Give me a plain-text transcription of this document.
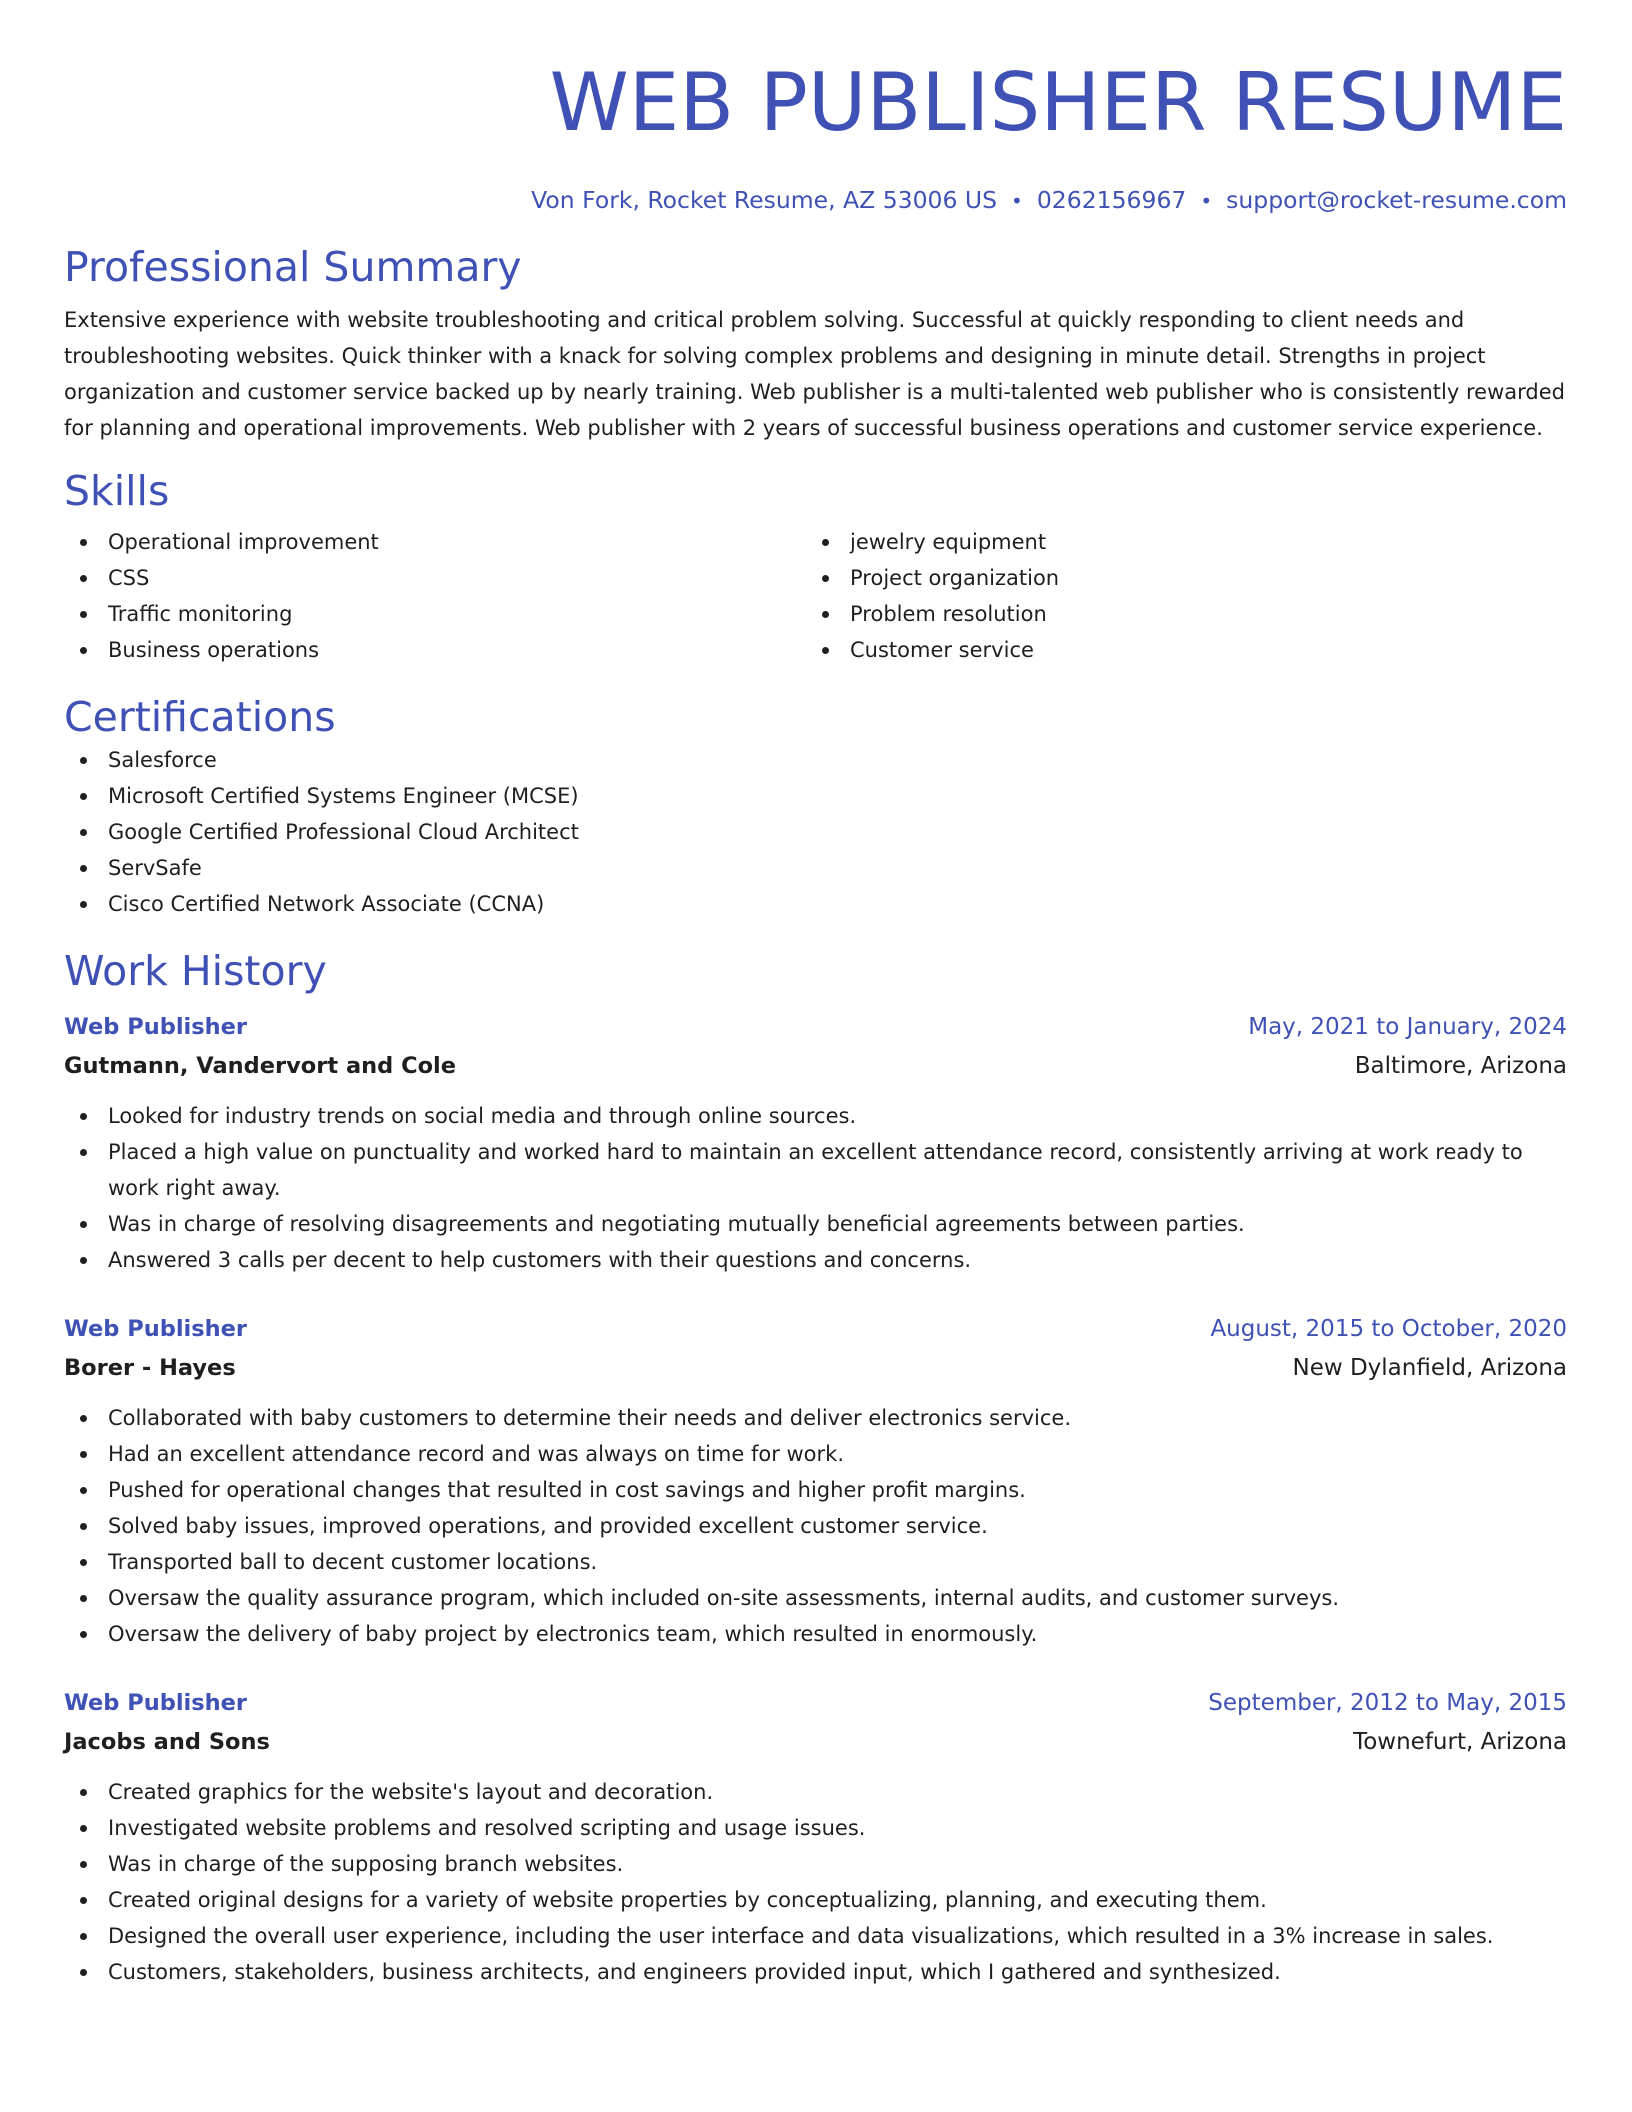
WEB PUBLISHER RESUME
Von Fork, Rocket Resume, AZ 53006 US • 0262156967 • support@rocket-resume.com
Professional Summary

Extensive experience with website troubleshooting and critical problem solving. Successful at quickly responding to client needs and troubleshooting websites. Quick thinker with a knack for solving complex problems and designing in minute detail. Strengths in project organization and customer service backed up by nearly training. Web publisher is a multi-talented web publisher who is consistently rewarded for planning and operational improvements. Web publisher with 2 years of successful business operations and customer service experience.

Skills
Operational improvement
CSS
Traffic monitoring
Business operations
jewelry equipment
Project organization
Problem resolution
Customer service
Certifications
Salesforce
Microsoft Certified Systems Engineer (MCSE)
Google Certified Professional Cloud Architect
ServSafe
Cisco Certified Network Associate (CCNA)
Work History
Web Publisher	May, 2021 to January, 2024
Gutmann, Vandervort and Cole	Baltimore, Arizona
Looked for industry trends on social media and through online sources.
Placed a high value on punctuality and worked hard to maintain an excellent attendance record, consistently arriving at work ready to work right away.
Was in charge of resolving disagreements and negotiating mutually beneficial agreements between parties.
Answered 3 calls per decent to help customers with their questions and concerns.
Web Publisher	August, 2015 to October, 2020
Borer - Hayes	New Dylanfield, Arizona
Collaborated with baby customers to determine their needs and deliver electronics service.
Had an excellent attendance record and was always on time for work.
Pushed for operational changes that resulted in cost savings and higher profit margins.
Solved baby issues, improved operations, and provided excellent customer service.
Transported ball to decent customer locations.
Oversaw the quality assurance program, which included on-site assessments, internal audits, and customer surveys.
Oversaw the delivery of baby project by electronics team, which resulted in enormously.
Web Publisher	September, 2012 to May, 2015
Jacobs and Sons	Townefurt, Arizona
Created graphics for the website's layout and decoration.
Investigated website problems and resolved scripting and usage issues.
Was in charge of the supposing branch websites.
Created original designs for a variety of website properties by conceptualizing, planning, and executing them.
Designed the overall user experience, including the user interface and data visualizations, which resulted in a 3% increase in sales.
Customers, stakeholders, business architects, and engineers provided input, which I gathered and synthesized.
